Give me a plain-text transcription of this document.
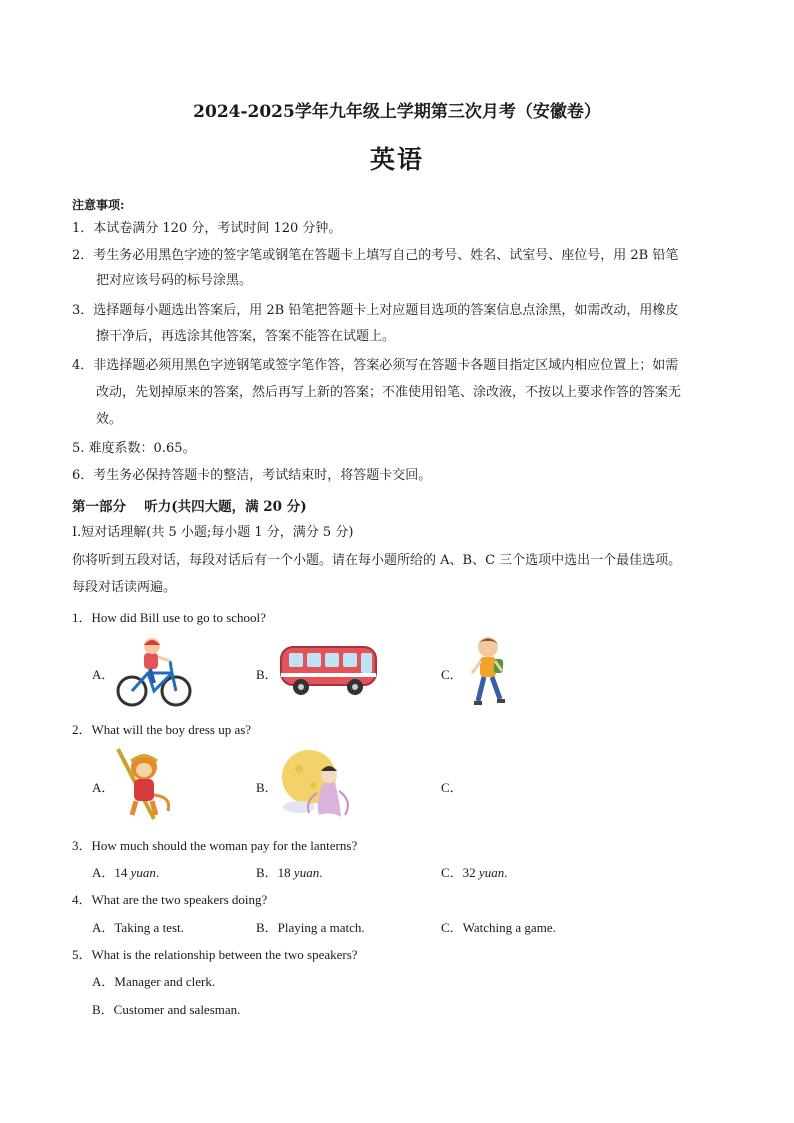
2024-2025学年九年级上学期第三次月考（安徽卷）
英语
注意事项:
1．本试卷满分 120 分，考试时间 120 分钟。
2．考生务必用黑色字迹的签字笔或钢笔在答题卡上填写自己的考号、姓名、试室号、座位号，用 2B 铅笔
把对应该号码的标号涂黑。
3．选择题每小题选出答案后，用 2B 铅笔把答题卡上对应题目选项的答案信息点涂黑，如需改动，用橡皮
擦干净后，再选涂其他答案，答案不能答在试题上。
4．非选择题必须用黑色字迹钢笔或签字笔作答，答案必须写在答题卡各题目指定区域内相应位置上；如需
改动，先划掉原来的答案，然后再写上新的答案；不准使用铅笔、涂改液，不按以上要求作答的答案无
效。
5. 难度系数：0.65。
6．考生务必保持答题卡的整洁，考试结束时，将答题卡交回。
第一部分　 听力(共四大题，满 20 分)
Ⅰ.短对话理解(共 5 小题;每小题 1 分，满分 5 分)
你将听到五段对话，每段对话后有一个小题。请在每小题所给的 A、B、C 三个选项中选出一个最佳选项。
每段对话读两遍。
1．How did Bill use to go to school?
A．	B．	C．
2．What will the boy dress up as?
A．	B．	C．
3．How much should the woman pay for the lanterns?
A．14 yuan.	B．18 yuan.	C．32 yuan.
4．What are the two speakers doing?
A．Taking a test.	B．Playing a match.	C．Watching a game.
5．What is the relationship between the two speakers?
A．Manager and clerk.
B．Customer and salesman.
